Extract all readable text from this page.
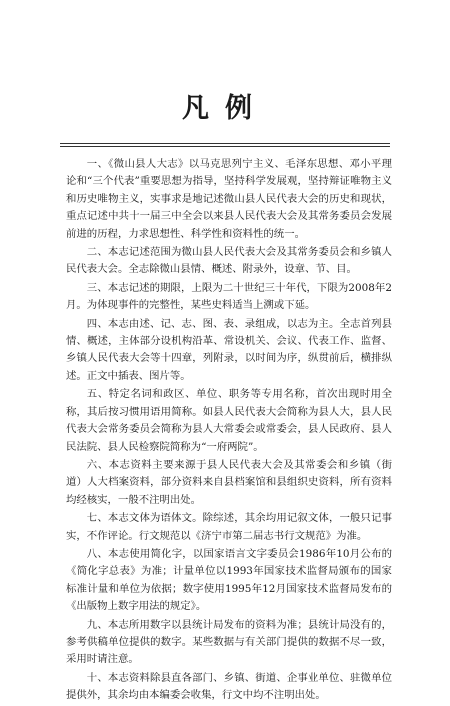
凡例

一、《微山县人大志》以马克思列宁主义、毛泽东思想、邓小平理论和“三个代表”重要思想为指导，坚持科学发展观，坚持辩证唯物主义和历史唯物主义，实事求是地记述微山县人民代表大会的历史和现状，重点记述中共十一届三中全会以来县人民代表大会及其常务委员会发展前进的历程，力求思想性、科学性和资料性的统一。

二、本志记述范围为微山县人民代表大会及其常务委员会和乡镇人民代表大会。全志除微山县情、概述、附录外，设章、节、目。

三、本志记述的期限，上限为二十世纪三十年代，下限为2008年2月。为体现事件的完整性，某些史料适当上溯或下延。

四、本志由述、记、志、图、表、录组成，以志为主。全志首列县情、概述，主体部分设机构沿革、常设机关、会议、代表工作、监督、乡镇人民代表大会等十四章，列附录，以时间为序，纵贯前后，横排纵述。正文中插表、图片等。

五、特定名词和政区、单位、职务等专用名称，首次出现时用全称，其后按习惯用语用简称。如县人民代表大会简称为县人大，县人民代表大会常务委员会简称为县人大常委会或常委会，县人民政府、县人民法院、县人民检察院简称为“一府两院”。

六、本志资料主要来源于县人民代表大会及其常委会和乡镇（街道）人大档案资料，部分资料来自县档案馆和县组织史资料，所有资料均经核实，一般不注明出处。

七、本志文体为语体文。除综述，其余均用记叙文体，一般只记事实，不作评论。行文规范以《济宁市第二届志书行文规范》为准。

八、本志使用简化字，以国家语言文字委员会1986年10月公布的《简化字总表》为准；计量单位以1993年国家技术监督局颁布的国家标准计量和单位为依据；数字使用1995年12月国家技术监督局发布的《出版物上数字用法的规定》。

九、本志所用数字以县统计局发布的资料为准；县统计局没有的，参考供稿单位提供的数字。某些数据与有关部门提供的数据不尽一致，采用时请注意。

十、本志资料除县直各部门、乡镇、街道、企事业单位、驻微单位提供外，其余均由本编委会收集，行文中均不注明出处。
